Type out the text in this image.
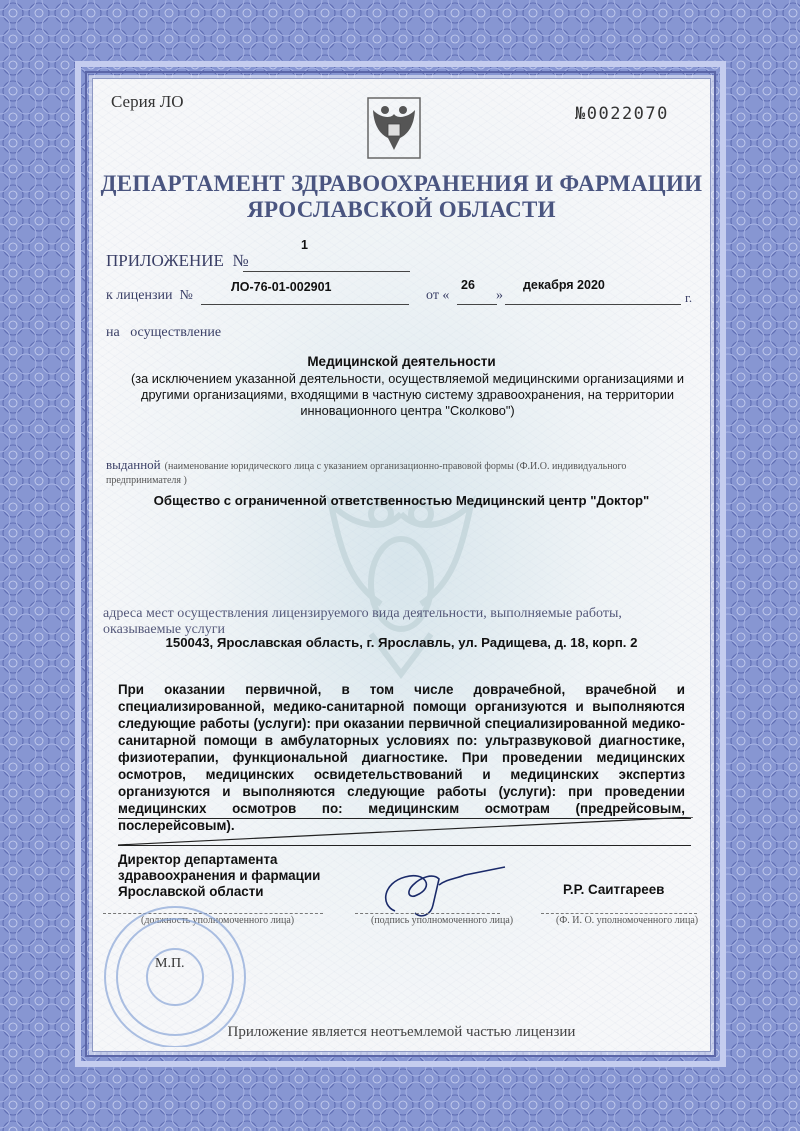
Серия ЛО
№0022070
ДЕПАРТАМЕНТ ЗДРАВООХРАНЕНИЯ И ФАРМАЦИИ
ЯРОСЛАВСКОЙ ОБЛАСТИ
ПРИЛОЖЕНИЕ  №
1
к лицензии  №
ЛО-76-01-002901
от «	»
26	декабря 2020
г.
на   осуществление
Медицинской деятельности
(за исключением указанной деятельности, осуществляемой медицинскими организациями и другими организациями, входящими в частную систему здравоохранения, на территории инновационного центра "Сколково")
выданной (наименование юридического лица с указанием организационно-правовой формы (Ф.И.О. индивидуального предпринимателя )
Общество с ограниченной ответственностью Медицинский центр "Доктор"
адреса мест осуществления лицензируемого вида деятельности, выполняемые работы, оказываемые услуги
150043, Ярославская область, г. Ярославль, ул. Радищева, д. 18, корп. 2
При оказании первичной, в том числе доврачебной, врачебной и специализированной, медико-санитарной помощи организуются и выполняются следующие работы (услуги): при оказании первичной специализированной медико-санитарной помощи в амбулаторных условиях по: ультразвуковой диагностике, физиотерапии, функциональной диагностике. При проведении медицинских осмотров, медицинских освидетельствований и медицинских экспертиз организуются и выполняются следующие работы (услуги): при проведении медицинских осмотров по: медицинским осмотрам (предрейсовым, послерейсовым).
Директор департамента
здравоохранения и фармации
Ярославской области	Р.Р. Саитгареев
(должность уполномоченного лица)	(подпись уполномоченного лица)	(Ф. И. О. уполномоченного лица)
М.П.
Приложение является неотъемлемой частью лицензии
